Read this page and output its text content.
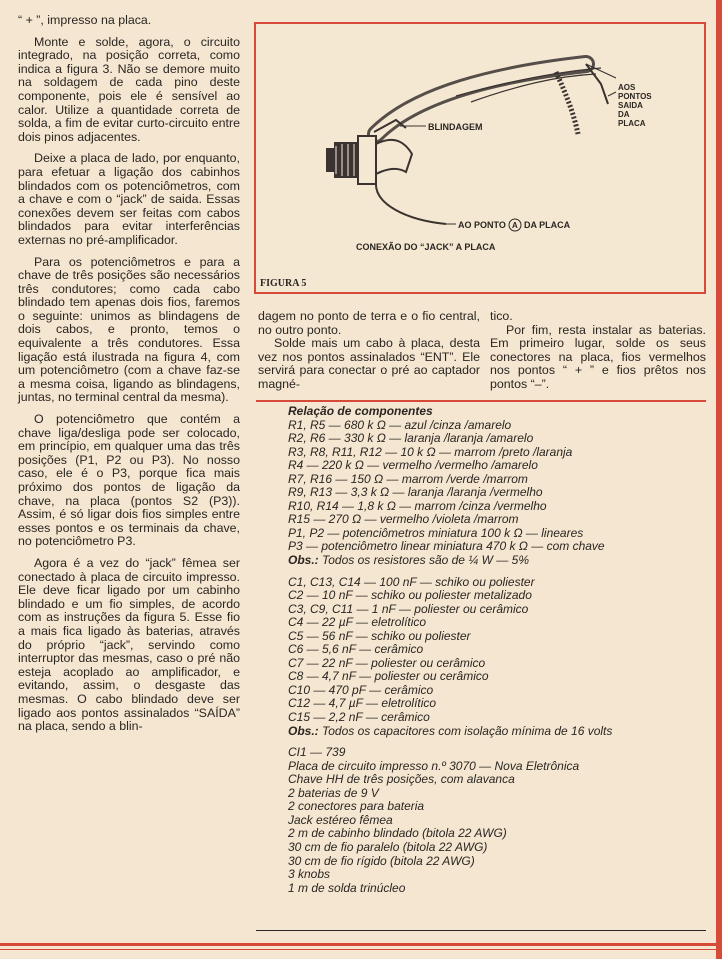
“ + ”, impresso na placa.

Monte e solde, agora, o circuito integrado, na posição correta, como indica a figura 3. Não se demore muito na soldagem de cada pino deste componente, pois ele é sensível ao calor. Utilize a quantidade correta de solda, a fim de evitar curto-circuito entre dois pinos adjacentes.

Deixe a placa de lado, por enquanto, para efetuar a ligação dos cabinhos blindados com os potenciômetros, com a chave e com o “jack” de saida. Essas conexões devem ser feitas com cabos blindados para evitar interferências externas no pré-amplificador.

Para os potenciômetros e para a chave de três posições são necessários três condutores; como cada cabo blindado tem apenas dois fios, faremos o seguinte: unimos as blindagens de dois cabos, e pronto, temos o equivalente a três condutores. Essa ligação está ilustrada na figura 4, com um potenciômetro (com a chave faz-se a mesma coisa, ligando as blindagens, juntas, no terminal central da mesma).

O potenciômetro que contém a chave liga/desliga pode ser colocado, em princípio, em qualquer uma das três posições (P1, P2 ou P3). No nosso caso, ele é o P3, porque fica mais próximo dos pontos de ligação da chave, na placa (pontos S2 (P3)). Assim, é só ligar dois fios simples entre esses pontos e os terminais da chave, no potenciômetro P3.

Agora é a vez do “jack” fêmea ser conectado à placa de circuito impresso. Ele deve ficar ligado por um cabinho blindado e um fio simples, de acordo com as instruções da figura 5. Esse fio a mais fica ligado às baterias, através do próprio “jack”, servindo como interruptor das mesmas, caso o pré não esteja acoplado ao amplificador, e evitando, assim, o desgaste das mesmas. O cabo blindado deve ser ligado aos pontos assinalados “SAÍDA” na placa, sendo a blin-

BLINDAGEM
AOS
PONTOS
SAIDA
DA
PLACA
AO PONTO A DA PLACA
CONEXÃO DO “JACK” A PLACA
FIGURA 5

dagem no ponto de terra e o fio central, no outro ponto.

Solde mais um cabo à placa, desta vez nos pontos assinalados “ENT”. Ele servirá para conectar o pré ao captador magné-

tico.

Por fim, resta instalar as baterias. Em primeiro lugar, solde os seus conectores na placa, fios vermelhos nos pontos “ + ” e fios prêtos nos pontos “–”.

Relação de componentes
R1, R5 — 680 k Ω — azul /cinza /amarelo
R2, R6 — 330 k Ω — laranja /laranja /amarelo
R3, R8, R11, R12 — 10 k Ω — marrom /preto /laranja
R4 — 220 k Ω — vermelho /vermelho /amarelo
R7, R16 — 150 Ω — marrom /verde /marrom
R9, R13 — 3,3 k Ω — laranja /laranja /vermelho
R10, R14 — 1,8 k Ω — marrom /cinza /vermelho
R15 — 270 Ω — vermelho /violeta /marrom
P1, P2 — potenciômetros miniatura 100 k Ω — lineares
P3 — potenciômetro linear miniatura 470 k Ω — com chave
Obs.: Todos os resistores são de ¼ W — 5%
C1, C13, C14 — 100 nF — schiko ou poliester
C2 — 10 nF — schiko ou poliester metalizado
C3, C9, C11 — 1 nF — poliester ou cerâmico
C4 — 22 µF — eletrolítico
C5 — 56 nF — schiko ou poliester
C6 — 5,6 nF — cerâmico
C7 — 22 nF — poliester ou cerâmico
C8 — 4,7 nF — poliester ou cerâmico
C10 — 470 pF — cerâmico
C12 — 4,7 µF — eletrolítico
C15 — 2,2 nF — cerâmico
Obs.: Todos os capacitores com isolação mínima de 16 volts
CI1 — 739
Placa de circuito impresso n.º 3070 — Nova Eletrônica
Chave HH de três posições, com alavanca
2 baterias de 9 V
2 conectores para bateria
Jack estéreo fêmea
2 m de cabinho blindado (bitola 22 AWG)
30 cm de fio paralelo (bitola 22 AWG)
30 cm de fio rígido (bitola 22 AWG)
3 knobs
1 m de solda trinúcleo
